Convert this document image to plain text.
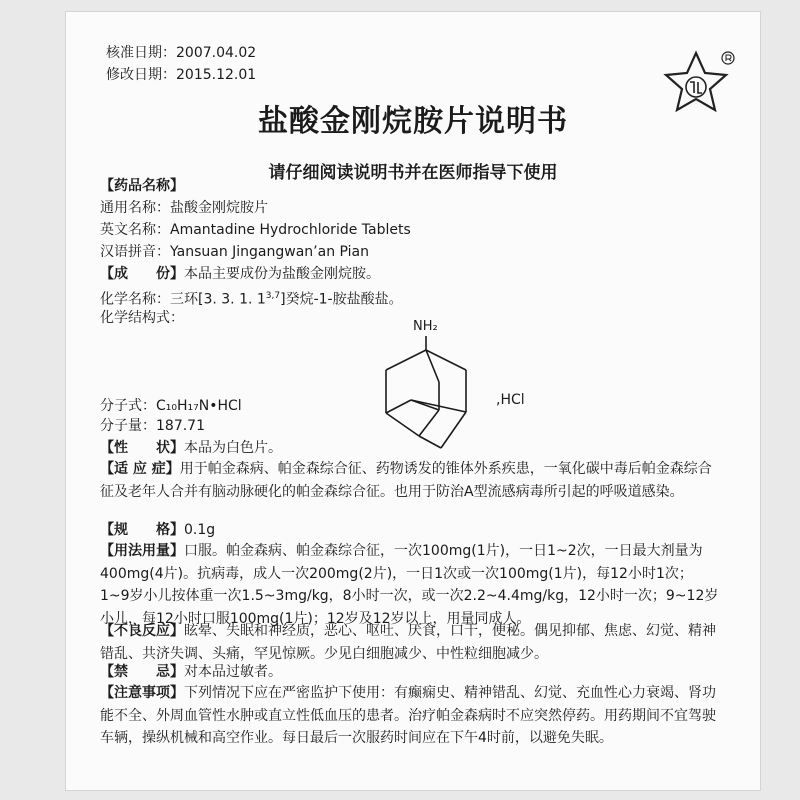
核准日期：2007.04.02
修改日期：2015.12.01
盐酸金刚烷胺片说明书
请仔细阅读说明书并在医师指导下使用
【药品名称】
通用名称：盐酸金刚烷胺片
英文名称：Amantadine Hydrochloride Tablets
汉语拼音：Yansuan Jingangwan’an Pian
【成　　份】本品主要成份为盐酸金刚烷胺。
化学名称：三环[3. 3. 1. 1$^{3,7}$]癸烷-1-胺盐酸盐。
化学结构式：
NH₂
,HCl
分子式：C₁₀H₁₇N•HCl
分子量：187.71
【性　　状】本品为白色片。
【适 应 症】用于帕金森病、帕金森综合征、药物诱发的锥体外系疾患，一氧化碳中毒后帕金森综合征及老年人合并有脑动脉硬化的帕金森综合征。也用于防治A型流感病毒所引起的呼吸道感染。
【规　　格】0.1g
【用法用量】口服。帕金森病、帕金森综合征，一次100mg(1片)，一日1~2次，一日最大剂量为400mg(4片)。抗病毒，成人一次200mg(2片)，一日1次或一次100mg(1片)，每12小时1次；1~9岁小儿按体重一次1.5~3mg/kg，8小时一次，或一次2.2~4.4mg/kg，12小时一次；9~12岁小儿，每12小时口服100mg(1片)；12岁及12岁以上，用量同成人。
【不良反应】眩晕、失眠和神经质，恶心、呕吐、厌食，口干，便秘。偶见抑郁、焦虑、幻觉、精神错乱、共济失调、头痛，罕见惊厥。少见白细胞减少、中性粒细胞减少。
【禁　　忌】对本品过敏者。
【注意事项】下列情况下应在严密监护下使用：有癫痫史、精神错乱、幻觉、充血性心力衰竭、肾功能不全、外周血管性水肿或直立性低血压的患者。治疗帕金森病时不应突然停药。用药期间不宜驾驶车辆，操纵机械和高空作业。每日最后一次服药时间应在下午4时前，以避免失眠。
